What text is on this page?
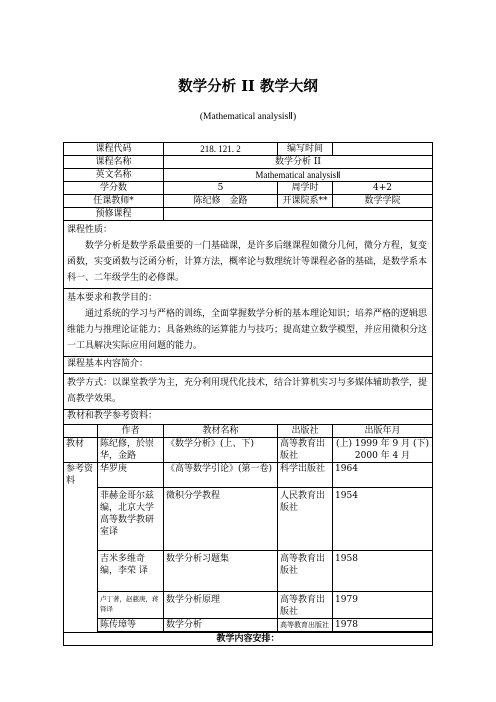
数学分析 II 教学大纲
(Mathematical analysisⅡ)
课程代码		218. 121. 2	编写时间	
课程名称		数学分析 II		
英文名称		Mathematical analysisⅡ		
学分数		5	周学时	4+2
任课教师*		陈纪修　金路	开课院系**	数学学院
预修课程				

课程性质：
数学分析是数学系最重要的一门基础课，是许多后继课程如微分几何，微分方程，复变函数，实变函数与泛函分析，计算方法，概率论与数理统计等课程必备的基础，是数学系本科一、二年级学生的必修课。				

基本要求和教学目的：
通过系统的学习与严格的训练，全面掌握数学分析的基本理论知识；培养严格的逻辑思维能力与推理论证能力；具备熟练的运算能力与技巧；提高建立数学模型，并应用微积分这一工具解决实际应用问题的能力。				

课程基本内容简介：				
教学方式：以课堂教学为主，充分利用现代化技术，结合计算机实习与多媒体辅助教学，提高教学效果。				
教材和教学参考资料：				
	作者	教材名称	出版社	出版年月
教材	陈纪修，於崇华，金路	《数学分析》(上、下)	高等教育出版社	(上) 1999 年 9 月 (下) 2000 年 4 月
参考资料	华罗庚	《高等数学引论》(第一卷)	科学出版社	1964
	菲赫金哥尔兹编，北京大学高等数学教研室译	微积分学教程	人民教育出版社	1954
	吉米多维奇编，李荣 译	数学分析习题集	高等教育出版社	1958
	卢丁著，赵慈庚，蒋铎译	数学分析原理	高等教育出版社	1979
	陈传璋等	数学分析	高等教育出版社	1978

教学内容安排：				
